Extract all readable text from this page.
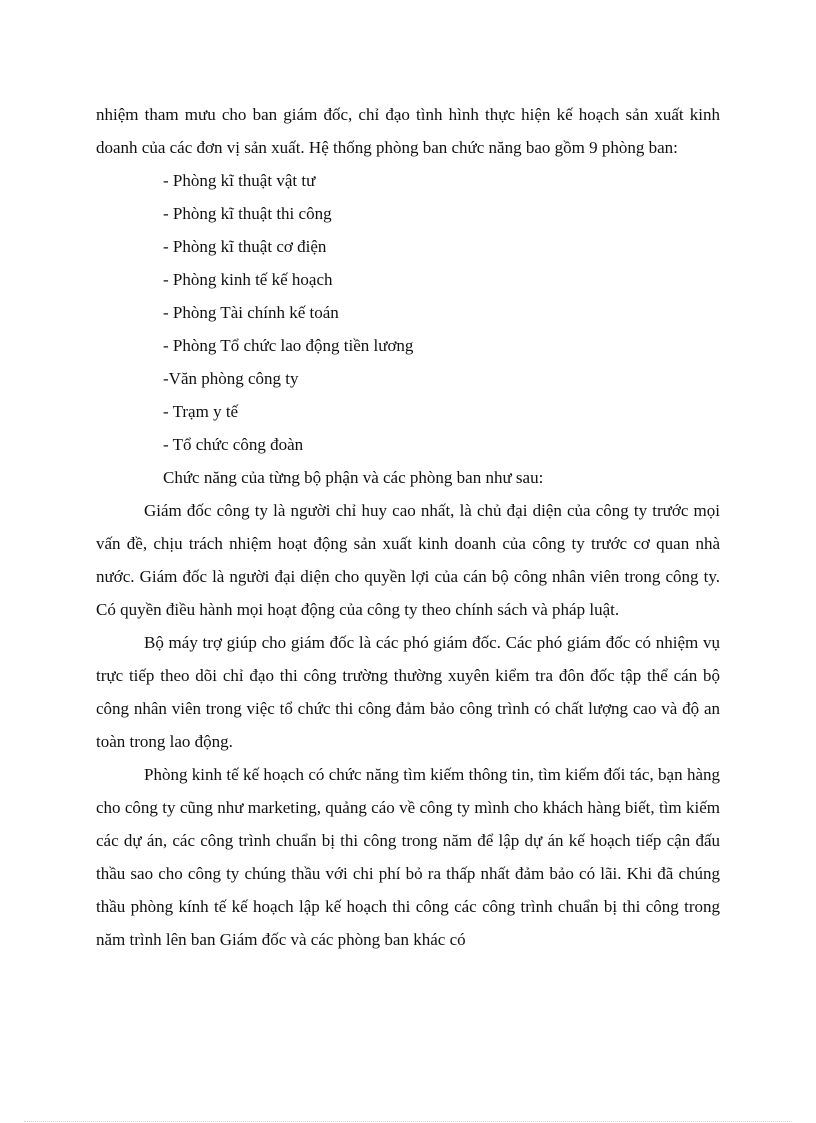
nhiệm tham mưu cho ban giám đốc, chỉ đạo tình hình thực hiện kế hoạch sản xuất kinh doanh của các đơn vị sản xuất. Hệ thống phòng ban chức năng bao gồm 9 phòng ban:

- Phòng kĩ thuật vật tư
- Phòng kĩ thuật thi công
- Phòng kĩ thuật cơ điện
- Phòng kinh tế kế hoạch
- Phòng Tài chính kế toán
- Phòng Tổ chức lao động tiền lương
-Văn phòng công ty
- Trạm y tế
- Tổ chức công đoàn

Chức năng của từng bộ phận và các phòng ban như sau:

Giám đốc công ty là người chỉ huy cao nhất, là chủ đại diện của công ty trước mọi vấn đề, chịu trách nhiệm hoạt động sản xuất kinh doanh của công ty trước cơ quan nhà nước. Giám đốc là người đại diện cho quyền lợi của cán bộ công nhân viên trong công ty. Có quyền điều hành mọi hoạt động của công ty theo chính sách và pháp luật.

Bộ máy trợ giúp cho giám đốc là các phó giám đốc. Các phó giám đốc có nhiệm vụ trực tiếp theo dõi chỉ đạo thi công trường thường xuyên kiểm tra đôn đốc tập thể cán bộ công nhân viên trong việc tổ chức thi công đảm bảo công trình có chất lượng cao và độ an toàn trong lao động.

Phòng kinh tế kế hoạch có chức năng tìm kiếm thông tin, tìm kiếm đối tác, bạn hàng cho công ty cũng như marketing, quảng cáo về công ty mình cho khách hàng biết, tìm kiếm các dự án, các công trình chuẩn bị thi công trong năm để lập dự án kế hoạch tiếp cận đấu thầu sao cho công ty chúng thầu với chi phí bỏ ra thấp nhất đảm bảo có lãi. Khi đã chúng thầu phòng kính tế kế hoạch lập kế hoạch thi công các công trình chuẩn bị thi công trong năm trình lên ban Giám đốc và các phòng ban khác có
